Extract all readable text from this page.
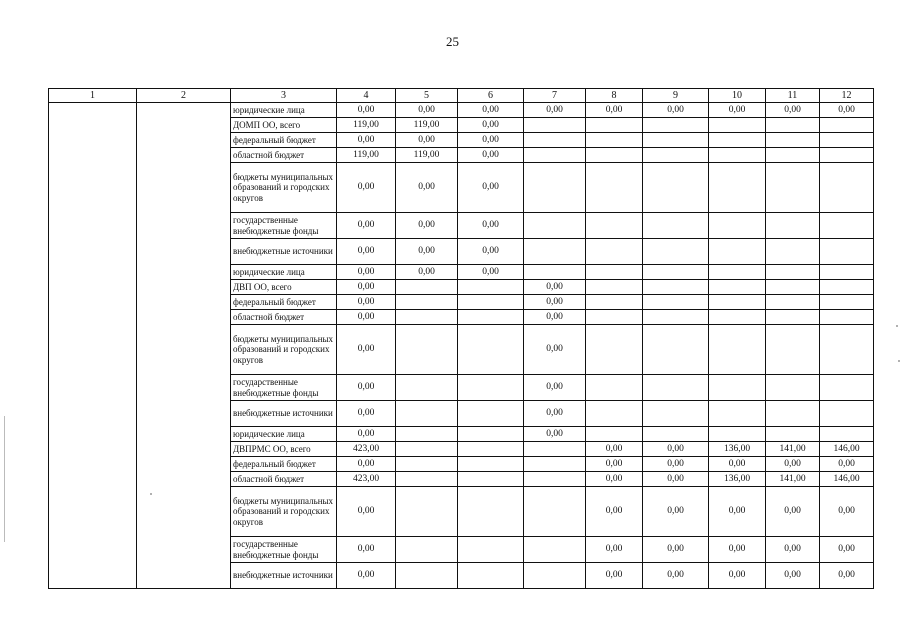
25
1	2	3	4	5	6	7	8	9	10	11	12
		юридические лица	0,00	0,00	0,00	0,00	0,00	0,00	0,00	0,00	0,00
		ДОМП ОО, всего	119,00	119,00	0,00						
		федеральный бюджет	0,00	0,00	0,00						
		областной бюджет	119,00	119,00	0,00						
		бюджеты муниципальных образований и городских округов	0,00	0,00	0,00						
		государственные внебюджетные фонды	0,00	0,00	0,00						
		внебюджетные источники	0,00	0,00	0,00						
		юридические лица	0,00	0,00	0,00						
		ДВП ОО, всего	0,00			0,00					
		федеральный бюджет	0,00			0,00					
		областной бюджет	0,00			0,00					
		бюджеты муниципальных образований и городских округов	0,00			0,00					
		государственные внебюджетные фонды	0,00			0,00					
		внебюджетные источники	0,00			0,00					
		юридические лица	0,00			0,00					
		ДВПРМС ОО, всего	423,00				0,00	0,00	136,00	141,00	146,00
		федеральный бюджет	0,00				0,00	0,00	0,00	0,00	0,00
		областной бюджет	423,00				0,00	0,00	136,00	141,00	146,00
		бюджеты муниципальных образований и городских округов	0,00				0,00	0,00	0,00	0,00	0,00
		государственные внебюджетные фонды	0,00				0,00	0,00	0,00	0,00	0,00
		внебюджетные источники	0,00				0,00	0,00	0,00	0,00	0,00
